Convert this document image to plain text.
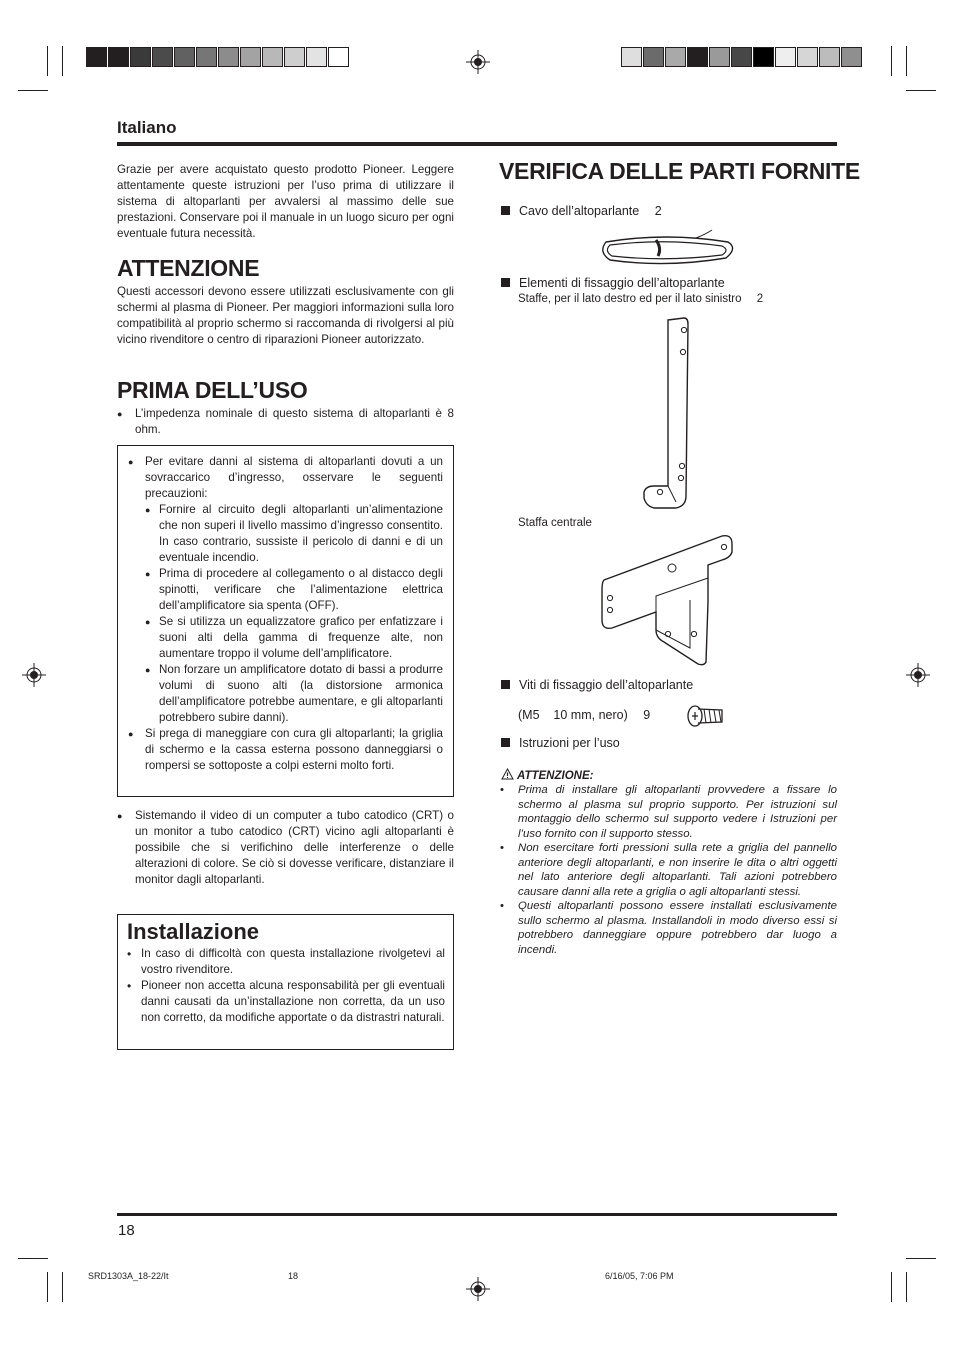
Italiano
Grazie per avere acquistato questo prodotto Pioneer. Leggere attentamente queste istruzioni per l’uso prima di utilizzare il sistema di altoparlanti per avvalersi al massimo delle sue prestazioni. Conservare poi il manuale in un luogo sicuro per ogni eventuale futura necessità.
ATTENZIONE
Questi accessori devono essere utilizzati esclusivamente con gli schermi al plasma di Pioneer. Per maggiori informazioni sulla loro compatibilità al proprio schermo si raccomanda di rivolgersi al più vicino rivenditore o centro di riparazioni Pioneer autorizzato.
PRIMA DELL’USO
● L’impedenza nominale di questo sistema di altoparlanti è 8 ohm.
● Per evitare danni al sistema di altoparlanti dovuti a un sovraccarico d’ingresso, osservare le seguenti precauzioni:
● Fornire al circuito degli altoparlanti un’alimentazione che non superi il livello massimo d’ingresso consentito. In caso contrario, sussiste il pericolo di danni e di un eventuale incendio.
● Prima di procedere al collegamento o al distacco degli spinotti, verificare che l’alimentazione elettrica dell’amplificatore sia spenta (OFF).
● Se si utilizza un equalizzatore grafico per enfatizzare i suoni alti della gamma di frequenze alte, non aumentare troppo il volume dell’amplificatore.
● Non forzare un amplificatore dotato di bassi a produrre volumi di suono alti (la distorsione armonica dell’amplificatore potrebbe aumentare, e gli altoparlanti potrebbero subire danni).
● Si prega di maneggiare con cura gli altoparlanti; la griglia di schermo e la cassa esterna possono danneggiarsi o rompersi se sottoposte a colpi esterni molto forti.
● Sistemando il video di un computer a tubo catodico (CRT) o un monitor a tubo catodico (CRT) vicino agli altoparlanti è possibile che si verifichino delle interferenze o delle alterazioni di colore. Se ciò si dovesse verificare, distanziare il monitor dagli altoparlanti.
Installazione
• In caso di difficoltà con questa installazione rivolgetevi al vostro rivenditore.
• Pioneer non accetta alcuna responsabilità per gli eventuali danni causati da un’installazione non corretta, da un uso non corretto, da modifiche apportate o da distrastri naturali.
VERIFICA DELLE PARTI FORNITE
Cavo dell’altoparlante 2
Elementi di fissaggio dell’altoparlante
Staffe, per il lato destro ed per il lato sinistro 2
Staffa centrale
Viti di fissaggio dell’altoparlante
(M5    10 mm, nero) 9
Istruzioni per l’uso
ATTENZIONE:
• Prima di installare gli altoparlanti provvedere a fissare lo schermo al plasma sul proprio supporto. Per istruzioni sul montaggio dello schermo sul supporto vedere i Istruzioni per l’uso fornito con il supporto stesso.
• Non esercitare forti pressioni sulla rete a griglia del pannello anteriore degli altoparlanti, e non inserire le dita o altri oggetti nel lato anteriore degli altoparlanti. Tali azioni potrebbero causare danni alla rete a griglia o agli altoparlanti stessi.
• Questi altoparlanti possono essere installati esclusivamente sullo schermo al plasma. Installandoli in modo diverso essi si potrebbero danneggiare oppure potrebbero dar luogo a incendi.
18
SRD1303A_18-22/It	18	6/16/05, 7:06 PM
